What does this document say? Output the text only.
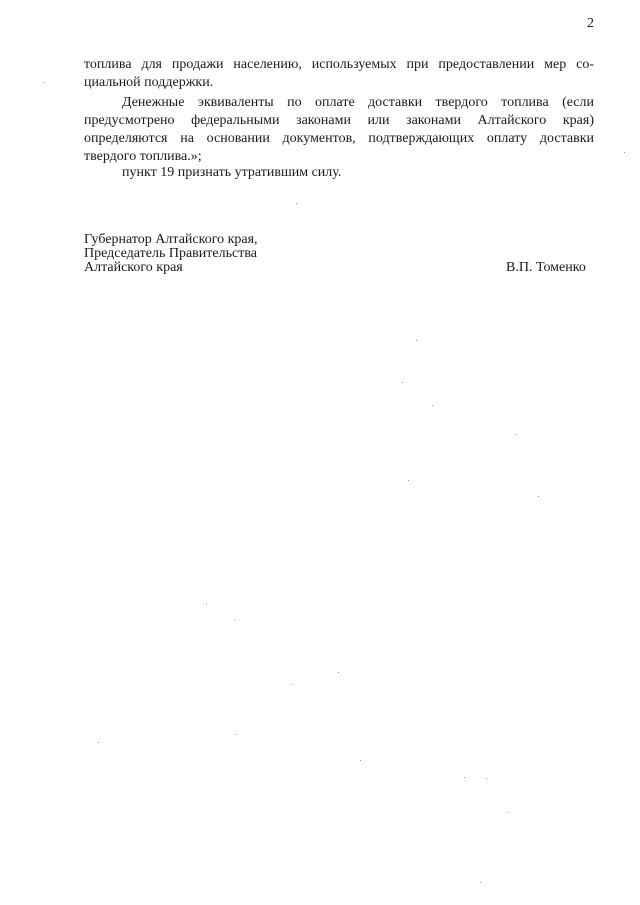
2

топлива для продажи населению, используемых при предоставлении мер со-

циальной поддержки.

Денежные эквиваленты по оплате доставки твердого топлива (если предусмотрено федеральными законами или законами Алтайского края) определяются на основании документов, подтверждающих оплату доставки твердого топлива.»;

пункт 19 признать утратившим силу.

Губернатор Алтайского края,
Председатель Правительства
Алтайского края	В.П. Томенко
